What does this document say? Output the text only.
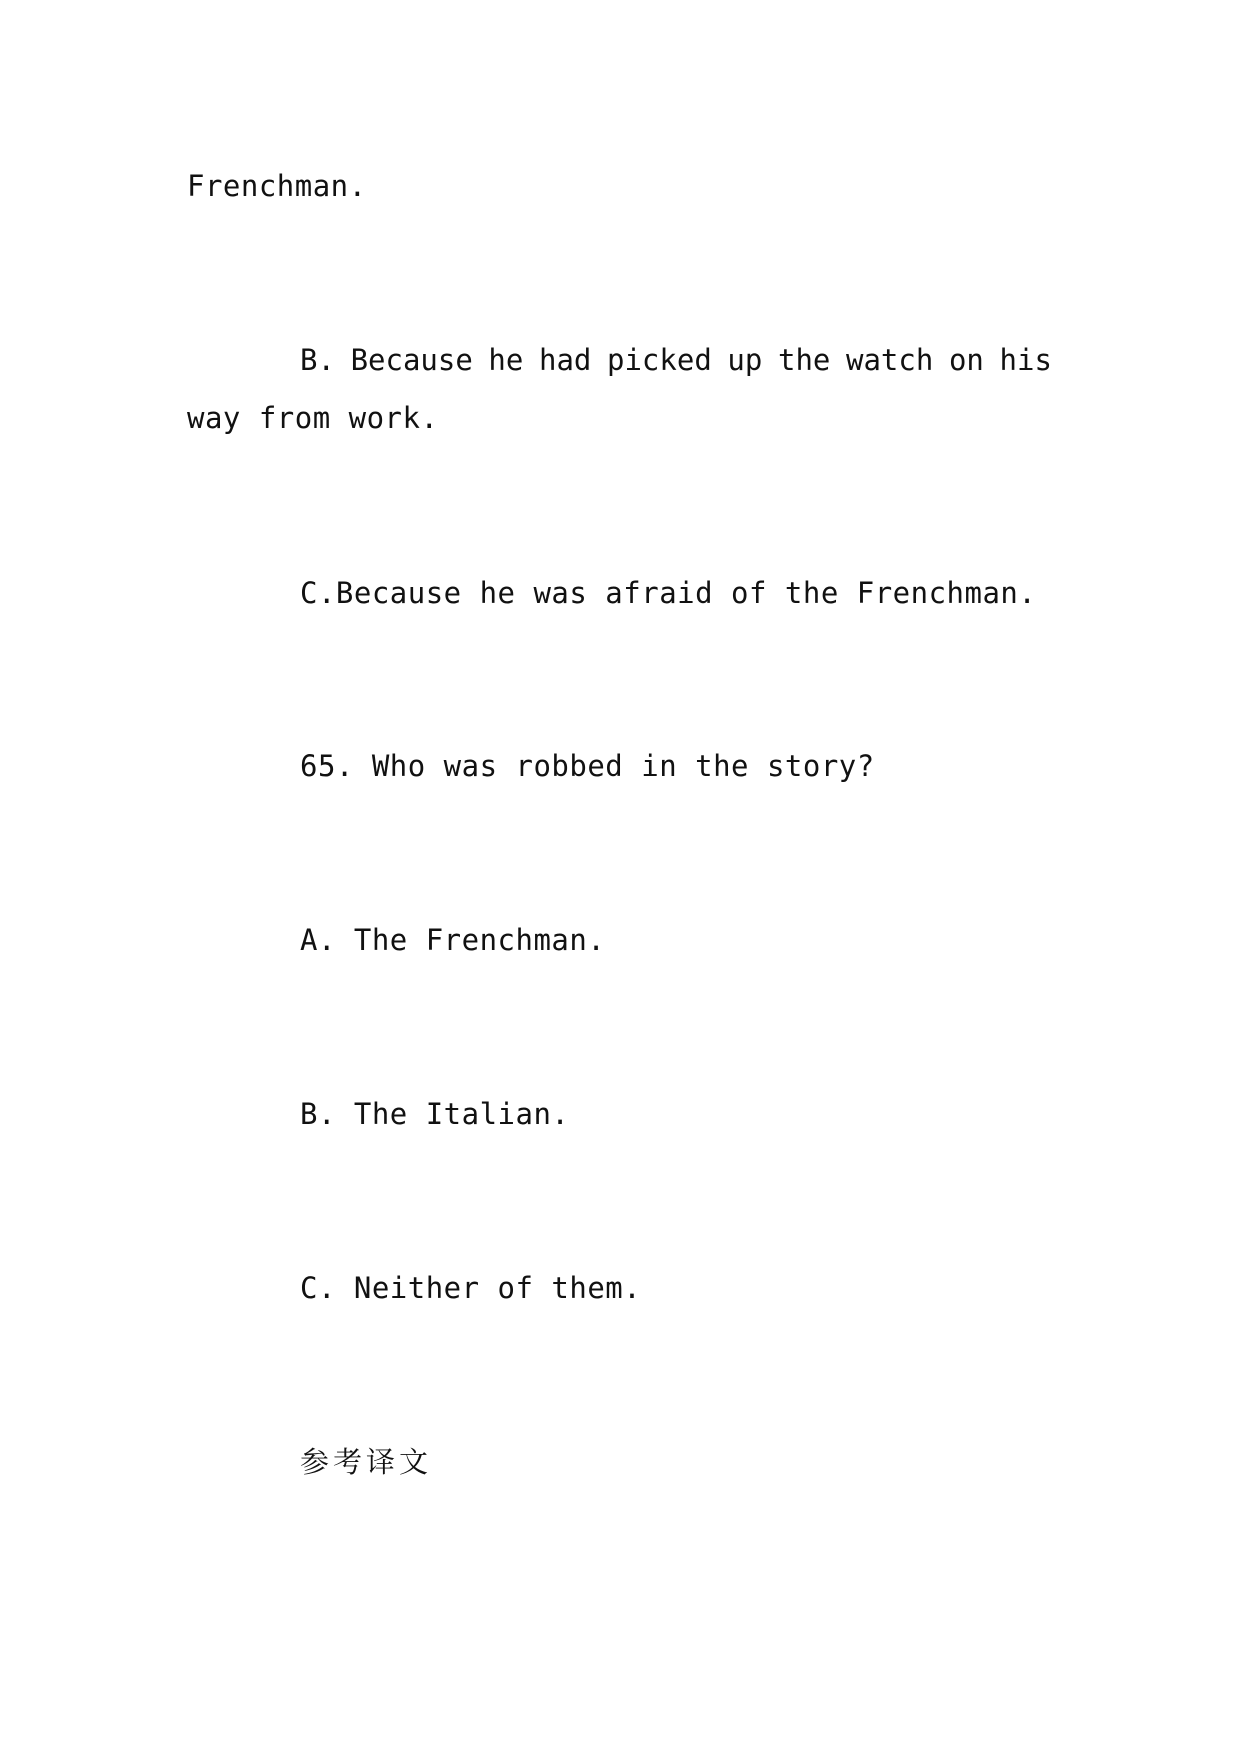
Frenchman.
B. Because he had picked up the watch on his
way from work.
C.Because he was afraid of the Frenchman.
65. Who was robbed in the story?
A. The Frenchman.
B. The Italian.
C. Neither of them.
参考译文
